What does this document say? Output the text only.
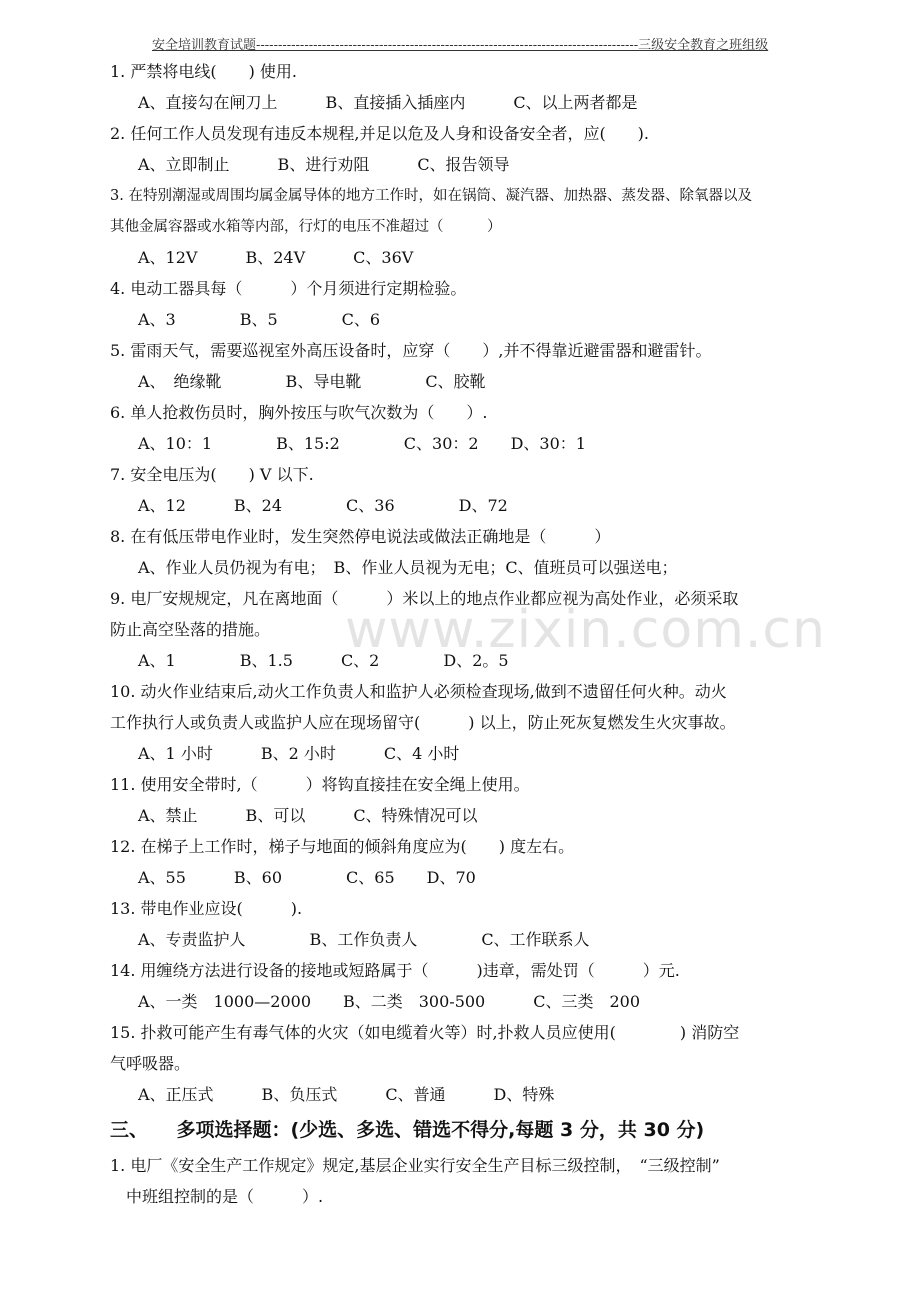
安全培训教育试题---------------------------------------------------------------------------------------三级安全教育之班组级
www.zixin.com.cn
1. 严禁将电线(　　) 使用.
A、直接勾在闸刀上　　　B、直接插入插座内　　　C、以上两者都是
2. 任何工作人员发现有违反本规程,并足以危及人身和设备安全者，应(　　).
A、立即制止　　　B、进行劝阻　　　C、报告领导
3. 在特别潮湿或周围均属金属导体的地方工作时，如在锅筒、凝汽器、加热器、蒸发器、除氧器以及
其他金属容器或水箱等内部，行灯的电压不准超过（　　　）
A、12V　　　B、24V　　　C、36V
4. 电动工器具每（　　　）个月须进行定期检验。
A、3　　　　B、5　　　　C、6
5. 雷雨天气，需要巡视室外高压设备时，应穿（　　）,并不得靠近避雷器和避雷针。
A、　绝缘靴　　　　B、导电靴　　　　C、胶靴
6. 单人抢救伤员时，胸外按压与吹气次数为（　　）.
A、10：1　　　　B、15:2　　　　C、30：2　　D、30：1
7. 安全电压为(　　) V 以下.
A、12　　　B、24　　　　C、36　　　　D、72
8. 在有低压带电作业时，发生突然停电说法或做法正确地是（　　　）
A、作业人员仍视为有电；　B、作业人员视为无电；C、值班员可以强送电；
9. 电厂安规规定，凡在离地面（　　　）米以上的地点作业都应视为高处作业，必须采取
防止高空坠落的措施。
A、1　　　　B、1.5　　　C、2　　　　D、2。5
10. 动火作业结束后,动火工作负责人和监护人必须检查现场,做到不遗留任何火种。动火
工作执行人或负责人或监护人应在现场留守(　　　) 以上，防止死灰复燃发生火灾事故。
A、1 小时　　　B、2 小时　　　C、4 小时
11. 使用安全带时,（　　　）将钩直接挂在安全绳上使用。
A、禁止　　　B、可以　　　C、特殊情况可以
12. 在梯子上工作时，梯子与地面的倾斜角度应为(　　) 度左右。
A、55　　　B、60　　　　C、65　　D、70
13. 带电作业应设(　　　).
A、专责监护人　　　　B、工作负责人　　　　C、工作联系人
14. 用缠绕方法进行设备的接地或短路属于（　　　)违章，需处罚（　　　）元.
A、一类　1000—2000　　B、二类　300-500　　　C、三类　200
15. 扑救可能产生有毒气体的火灾（如电缆着火等）时,扑救人员应使用(　　　　) 消防空
气呼吸器。
A、正压式　　　B、负压式　　　C、普通　　　D、特殊
三、　　多项选择题：(少选、多选、错选不得分,每题 3 分，共 30 分)
1. 电厂《安全生产工作规定》规定,基层企业实行安全生产目标三级控制，　“三级控制”
　中班组控制的是（　　　）.
